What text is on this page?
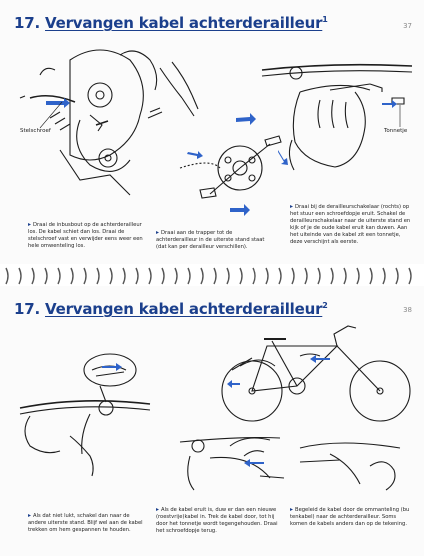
17. Vervangen kabel achterderailleur$^1$
37
Stelschroef	Tonnetje
▸ Draai de inbusbout op de achterderailleur los. De kabel schiet dan los. Draai de stelschroef vast en verwijder eens weer een hele omwenteling los.
▸ Draai aan de trapper tot de achterderailleur in de uiterste stand staat (dat kan per derailleur verschillen).
▸ Draai bij de derailleurschakelaar (rochts) op het stuur een schroefdopje eruit. Schakel de derailleurschakelaar naar de uiterste stand en kijk of je de oude kabel eruit kan duwen. Aan het uiteinde van de kabel zit een tonnetje, deze verschijnt als eerste.
17. Vervangen kabel achterderailleur$^2$	38
▸ Als dat niet lukt, schakel dan naar de andere uiterste stand. Blijf wel aan de kabel trekken om hem gespannen te houden.
▸ Als de kabel eruit is, duw er dan een nieuwe (roestvrije)kabel in. Trek de kabel door, tot hij door het tonnetje wordt tegengehouden. Draai het schroefdopje terug.
▸ Begeleid de kabel door de ommanteling (bu tenkabel) naar de achterderailleur. Soms komen de kabels anders dan op de tekening.
